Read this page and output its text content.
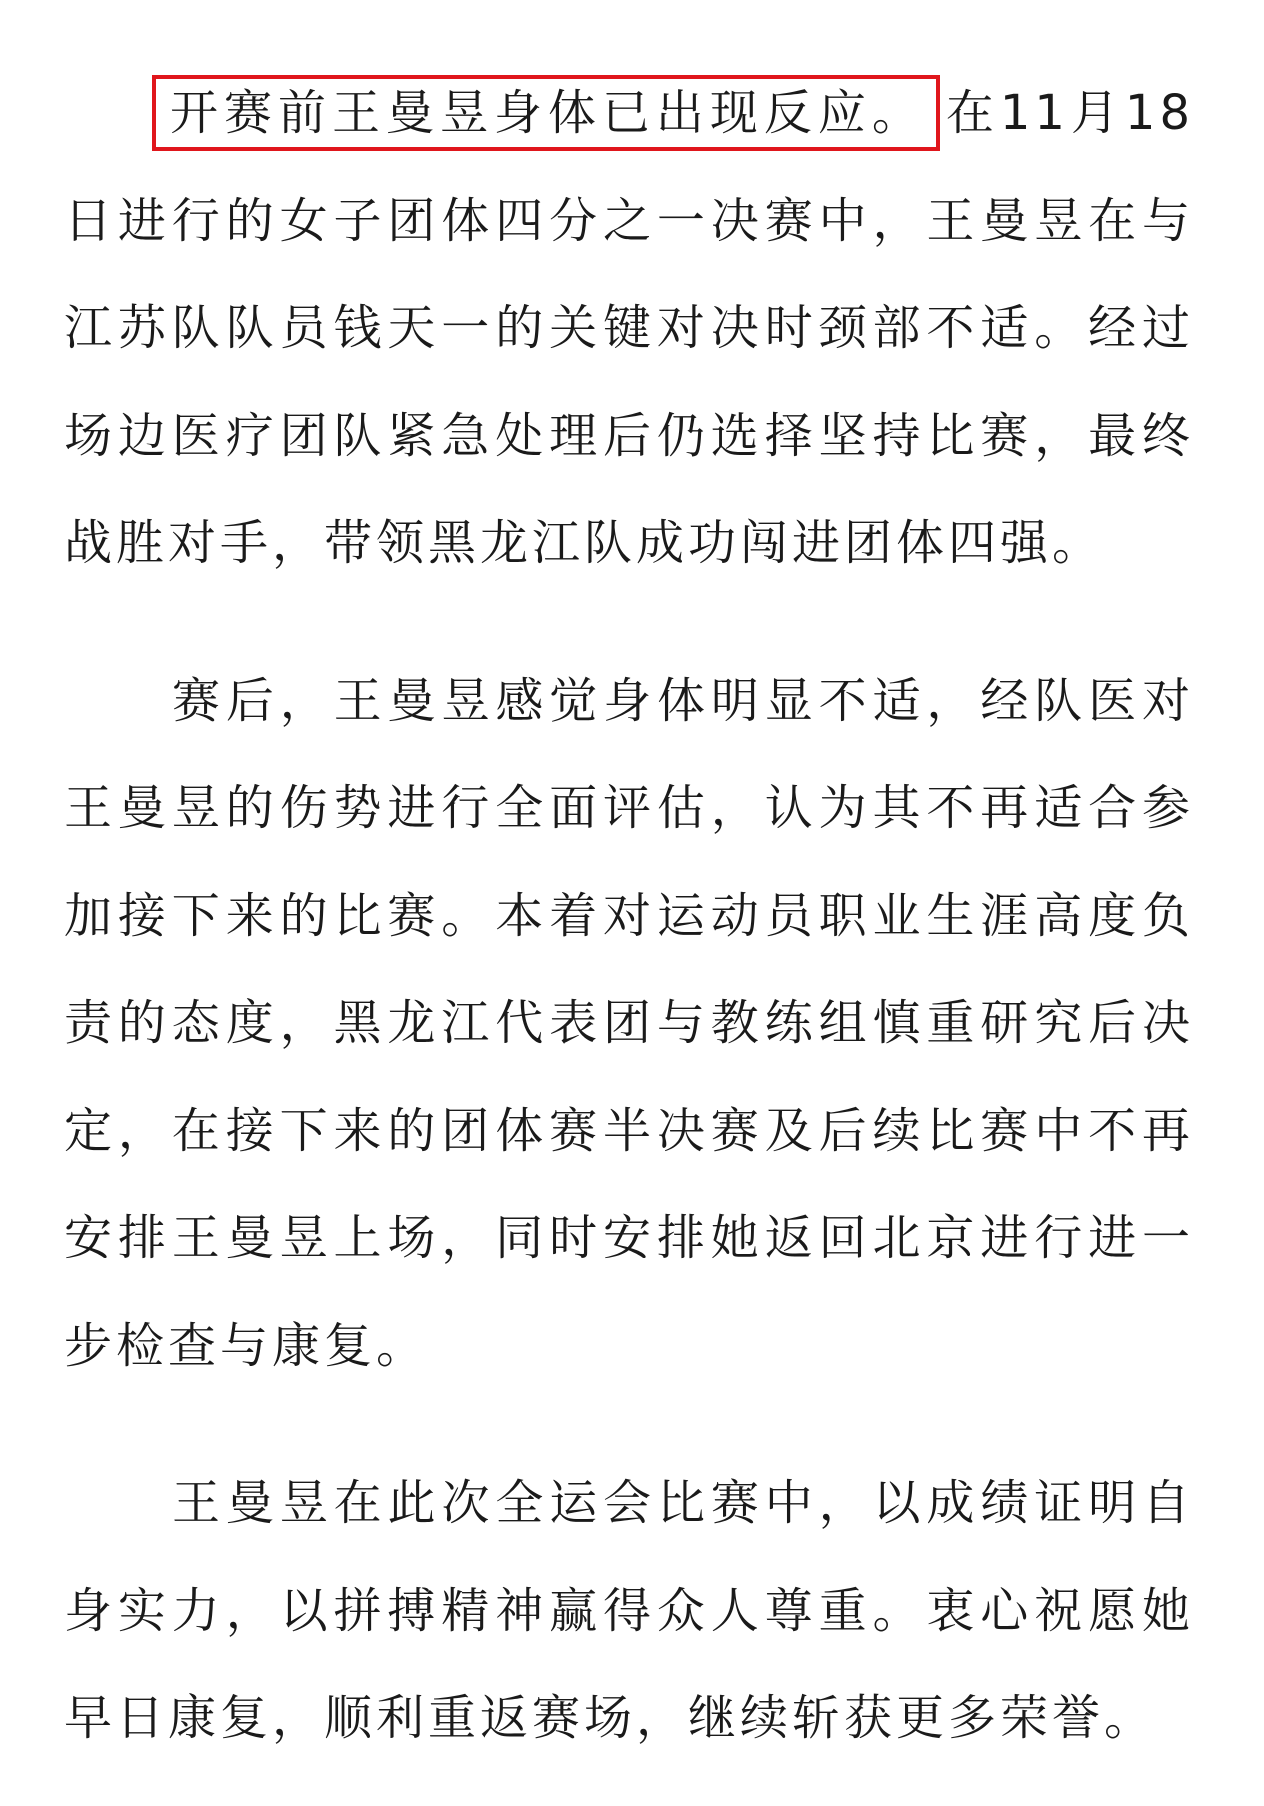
开赛前王曼昱身体已出现反应。 在11月18日进行的女子团体四分之一决赛中，王曼昱在与江苏队队员钱天一的关键对决时颈部不适。经过场边医疗团队紧急处理后仍选择坚持比赛，最终战胜对手，带领黑龙江队成功闯进团体四强。

赛后，王曼昱感觉身体明显不适，经队医对王曼昱的伤势进行全面评估，认为其不再适合参加接下来的比赛。本着对运动员职业生涯高度负责的态度，黑龙江代表团与教练组慎重研究后决定，在接下来的团体赛半决赛及后续比赛中不再安排王曼昱上场，同时安排她返回北京进行进一步检查与康复。

王曼昱在此次全运会比赛中，以成绩证明自身实力，以拼搏精神赢得众人尊重。衷心祝愿她早日康复，顺利重返赛场，继续斩获更多荣誉。
